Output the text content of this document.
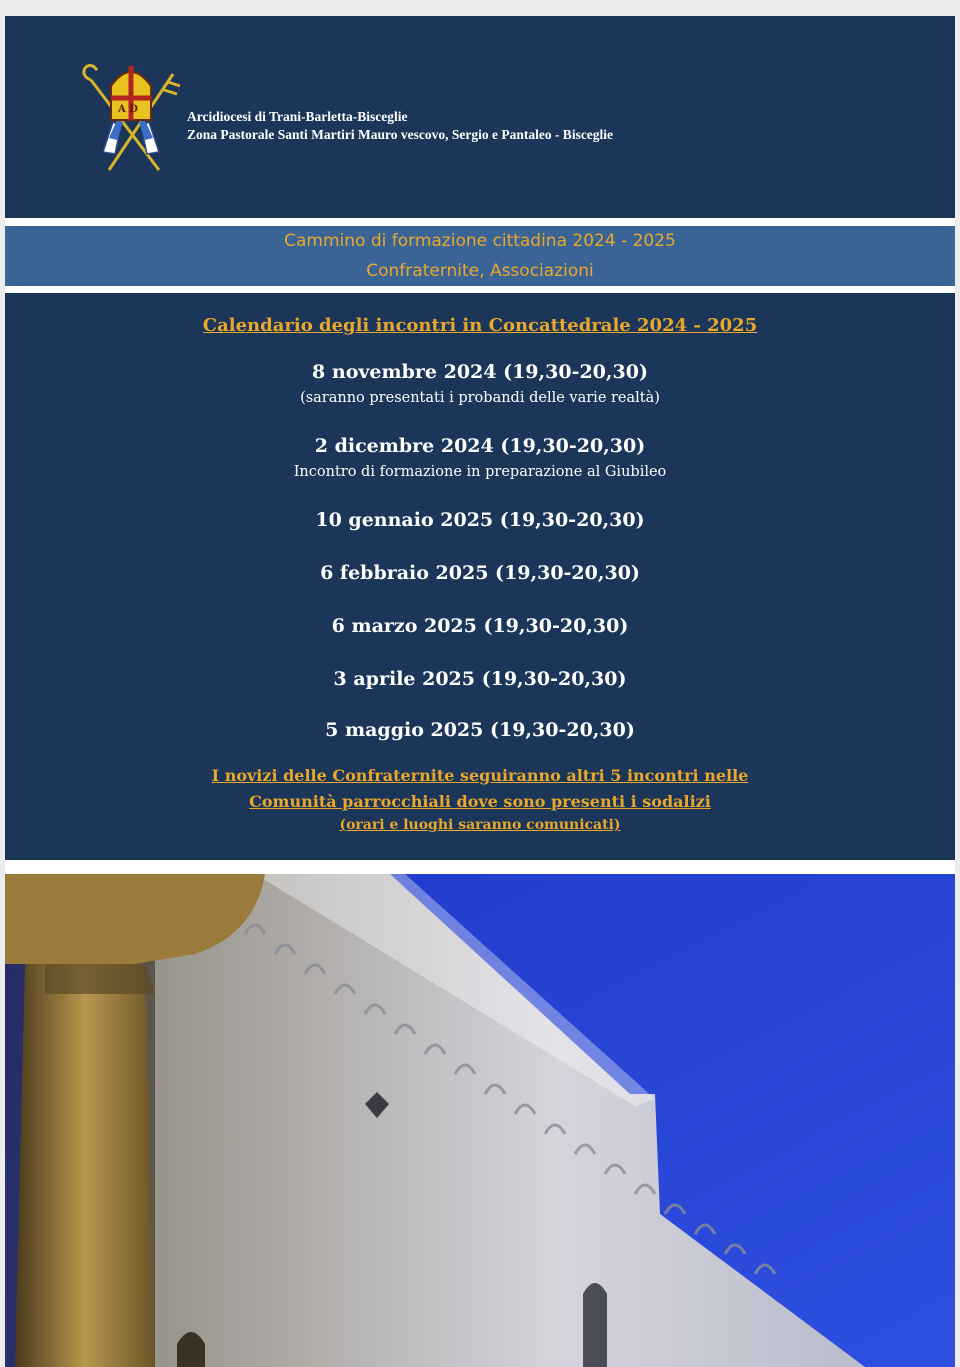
A D	Arcidiocesi di Trani-Barletta-Bisceglie
Zona Pastorale Santi Martiri Mauro vescovo, Sergio e Pantaleo - Bisceglie
Cammino di formazione cittadina 2024 - 2025
Confraternite, Associazioni
Calendario degli incontri in Concattedrale 2024 - 2025
8 novembre 2024 (19,30-20,30)
(saranno presentati i probandi delle varie realtà)
2 dicembre 2024 (19,30-20,30)
Incontro di formazione in preparazione al Giubileo
10 gennaio 2025 (19,30-20,30)
6 febbraio 2025 (19,30-20,30)
6 marzo 2025 (19,30-20,30)
3 aprile 2025 (19,30-20,30)
5 maggio 2025 (19,30-20,30)
I novizi delle Confraternite seguiranno altri 5 incontri nelle
Comunità parrocchiali dove sono presenti i sodalizi
(orari e luoghi saranno comunicati)
